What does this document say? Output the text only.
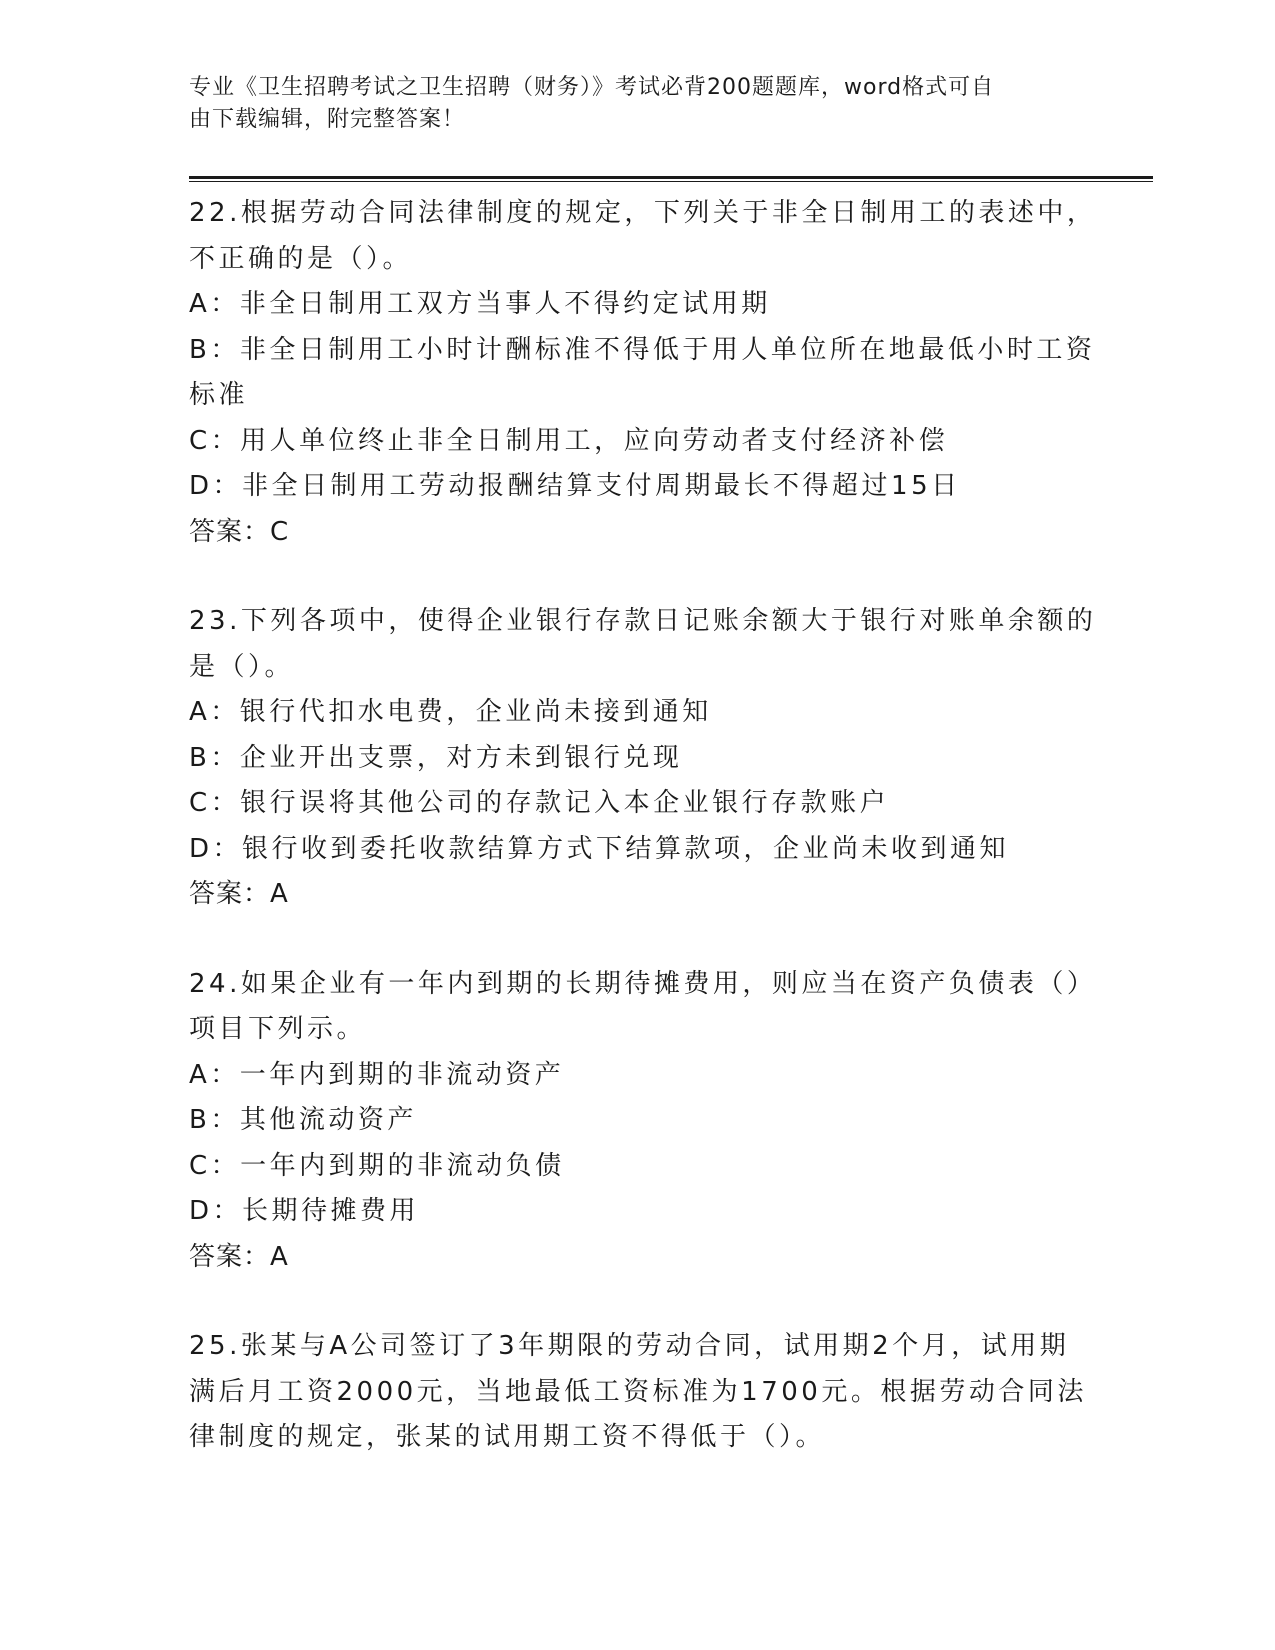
专业《卫生招聘考试之卫生招聘（财务）》考试必背200题题库，word格式可自
由下载编辑，附完整答案！
22.根据劳动合同法律制度的规定，下列关于非全日制用工的表述中，
不正确的是（）。
A：非全日制用工双方当事人不得约定试用期
B：非全日制用工小时计酬标准不得低于用人单位所在地最低小时工资
标准
C：用人单位终止非全日制用工，应向劳动者支付经济补偿
D：非全日制用工劳动报酬结算支付周期最长不得超过15日
答案：C
23.下列各项中，使得企业银行存款日记账余额大于银行对账单余额的
是（）。
A：银行代扣水电费，企业尚未接到通知
B：企业开出支票，对方未到银行兑现
C：银行误将其他公司的存款记入本企业银行存款账户
D：银行收到委托收款结算方式下结算款项，企业尚未收到通知
答案：A
24.如果企业有一年内到期的长期待摊费用，则应当在资产负债表（）
项目下列示。
A：一年内到期的非流动资产
B：其他流动资产
C：一年内到期的非流动负债
D：长期待摊费用
答案：A
25.张某与A公司签订了3年期限的劳动合同，试用期2个月，试用期
满后月工资2000元，当地最低工资标准为1700元。根据劳动合同法
律制度的规定，张某的试用期工资不得低于（）。
